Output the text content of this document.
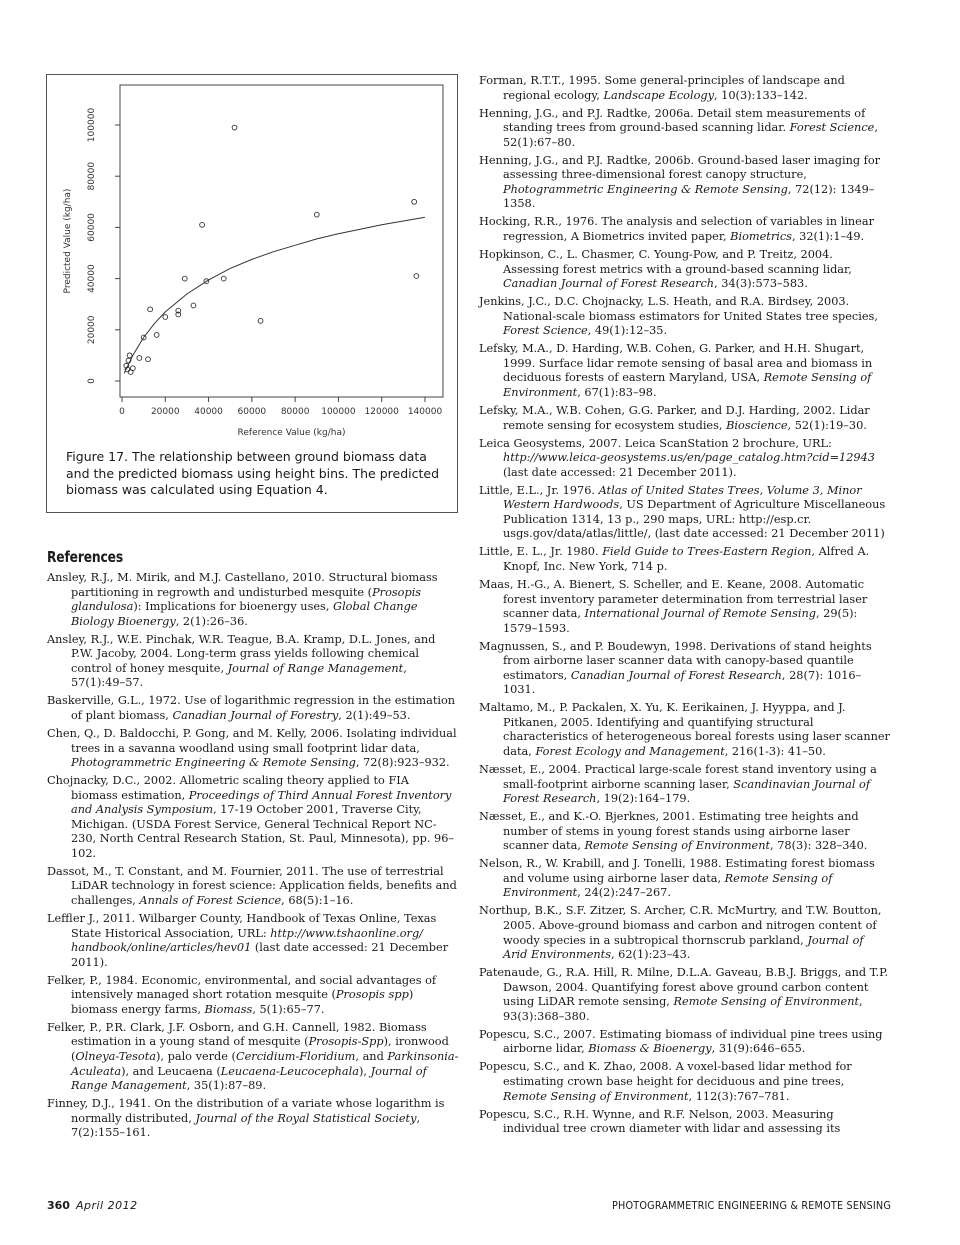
0	20000 40000 60000 80000 100000 120000 140000
0
20000
40000
60000
80000
100000
Reference Value (kg/ha)
Predicted Value (kg/ha)
Figure 17. The relationship between ground biomass data and the predicted biomass using height bins. The predicted biomass was calculated using Equation 4.
References

Ansley, R.J., M. Mirik, and M.J. Castellano, 2010. Structural biomass partitioning in regrowth and undisturbed mesquite (Prosopis glandulosa): Implications for bioenergy uses, Global Change Biology Bioenergy, 2(1):26–36.

Ansley, R.J., W.E. Pinchak, W.R. Teague, B.A. Kramp, D.L. Jones, and P.W. Jacoby, 2004. Long-term grass yields following chemical control of honey mesquite, Journal of Range Management, 57(1):49–57.

Baskerville, G.L., 1972. Use of logarithmic regression in the estimation of plant biomass, Canadian Journal of Forestry, 2(1):49–53.

Chen, Q., D. Baldocchi, P. Gong, and M. Kelly, 2006. Isolating individual trees in a savanna woodland using small footprint lidar data, Photogrammetric Engineering & Remote Sensing, 72(8):923–932.

Chojnacky, D.C., 2002. Allometric scaling theory applied to FIA biomass estimation, Proceedings of Third Annual Forest Inventory and Analysis Symposium, 17-19 October 2001, Traverse City, Michigan. (USDA Forest Service, General Technical Report NC-230, North Central Research Station, St. Paul, Minnesota), pp. 96–102.

Dassot, M., T. Constant, and M. Fournier, 2011. The use of terrestrial LiDAR technology in forest science: Application fields, benefits and challenges, Annals of Forest Science, 68(5):1–16.

Leffler J., 2011. Wilbarger County, Handbook of Texas Online, Texas State Historical Association, URL: http://www.tshaonline.org/ handbook/online/articles/hev01 (last date accessed: 21 December 2011).

Felker, P., 1984. Economic, environmental, and social advantages of intensively managed short rotation mesquite (Prosopis spp) biomass energy farms, Biomass, 5(1):65–77.

Felker, P., P.R. Clark, J.F. Osborn, and G.H. Cannell, 1982. Biomass estimation in a young stand of mesquite (Prosopis-Spp), ironwood (Olneya-Tesota), palo verde (Cercidium-Floridium, and Parkinsonia-Aculeata), and Leucaena (Leucaena-Leucocephala), Journal of Range Management, 35(1):87–89.

Finney, D.J., 1941. On the distribution of a variate whose logarithm is normally distributed, Journal of the Royal Statistical Society, 7(2):155–161.

Forman, R.T.T., 1995. Some general-principles of landscape and regional ecology, Landscape Ecology, 10(3):133–142.

Henning, J.G., and P.J. Radtke, 2006a. Detail stem measurements of standing trees from ground-based scanning lidar. Forest Science, 52(1):67–80.

Henning, J.G., and P.J. Radtke, 2006b. Ground-based laser imaging for assessing three-dimensional forest canopy structure, Photogrammetric Engineering & Remote Sensing, 72(12): 1349–1358.

Hocking, R.R., 1976. The analysis and selection of variables in linear regression, A Biometrics invited paper, Biometrics, 32(1):1–49.

Hopkinson, C., L. Chasmer, C. Young-Pow, and P. Treitz, 2004. Assessing forest metrics with a ground-based scanning lidar, Canadian Journal of Forest Research, 34(3):573–583.

Jenkins, J.C., D.C. Chojnacky, L.S. Heath, and R.A. Birdsey, 2003. National-scale biomass estimators for United States tree species, Forest Science, 49(1):12–35.

Lefsky, M.A., D. Harding, W.B. Cohen, G. Parker, and H.H. Shugart, 1999. Surface lidar remote sensing of basal area and biomass in deciduous forests of eastern Maryland, USA, Remote Sensing of Environment, 67(1):83–98.

Lefsky, M.A., W.B. Cohen, G.G. Parker, and D.J. Harding, 2002. Lidar remote sensing for ecosystem studies, Bioscience, 52(1):19–30.

Leica Geosystems, 2007. Leica ScanStation 2 brochure, URL: http://www.leica-geosystems.us/en/page_catalog.htm?cid=12943 (last date accessed: 21 December 2011).

Little, E.L., Jr. 1976. Atlas of United States Trees, Volume 3, Minor Western Hardwoods, US Department of Agriculture Miscellaneous Publication 1314, 13 p., 290 maps, URL: http://esp.cr. usgs.gov/data/atlas/little/, (last date accessed: 21 December 2011)

Little, E. L., Jr. 1980. Field Guide to Trees-Eastern Region, Alfred A. Knopf, Inc. New York, 714 p.

Maas, H.-G., A. Bienert, S. Scheller, and E. Keane, 2008. Automatic forest inventory parameter determination from terrestrial laser scanner data, International Journal of Remote Sensing, 29(5): 1579–1593.

Magnussen, S., and P. Boudewyn, 1998. Derivations of stand heights from airborne laser scanner data with canopy-based quantile estimators, Canadian Journal of Forest Research, 28(7): 1016–1031.

Maltamo, M., P. Packalen, X. Yu, K. Eerikainen, J. Hyyppa, and J. Pitkanen, 2005. Identifying and quantifying structural characteristics of heterogeneous boreal forests using laser scanner data, Forest Ecology and Management, 216(1-3): 41–50.

Næsset, E., 2004. Practical large-scale forest stand inventory using a small-footprint airborne scanning laser, Scandinavian Journal of Forest Research, 19(2):164–179.

Næsset, E., and K.-O. Bjerknes, 2001. Estimating tree heights and number of stems in young forest stands using airborne laser scanner data, Remote Sensing of Environment, 78(3): 328–340.

Nelson, R., W. Krabill, and J. Tonelli, 1988. Estimating forest biomass and volume using airborne laser data, Remote Sensing of Environment, 24(2):247–267.

Northup, B.K., S.F. Zitzer, S. Archer, C.R. McMurtry, and T.W. Boutton, 2005. Above-ground biomass and carbon and nitrogen content of woody species in a subtropical thornscrub parkland, Journal of Arid Environments, 62(1):23–43.

Patenaude, G., R.A. Hill, R. Milne, D.L.A. Gaveau, B.B.J. Briggs, and T.P. Dawson, 2004. Quantifying forest above ground carbon content using LiDAR remote sensing, Remote Sensing of Environment, 93(3):368–380.

Popescu, S.C., 2007. Estimating biomass of individual pine trees using airborne lidar, Biomass & Bioenergy, 31(9):646–655.

Popescu, S.C., and K. Zhao, 2008. A voxel-based lidar method for estimating crown base height for deciduous and pine trees, Remote Sensing of Environment, 112(3):767–781.

Popescu, S.C., R.H. Wynne, and R.F. Nelson, 2003. Measuring individual tree crown diameter with lidar and assessing its

360 April 2012	PHOTOGRAMMETRIC ENGINEERING & REMOTE SENSING
